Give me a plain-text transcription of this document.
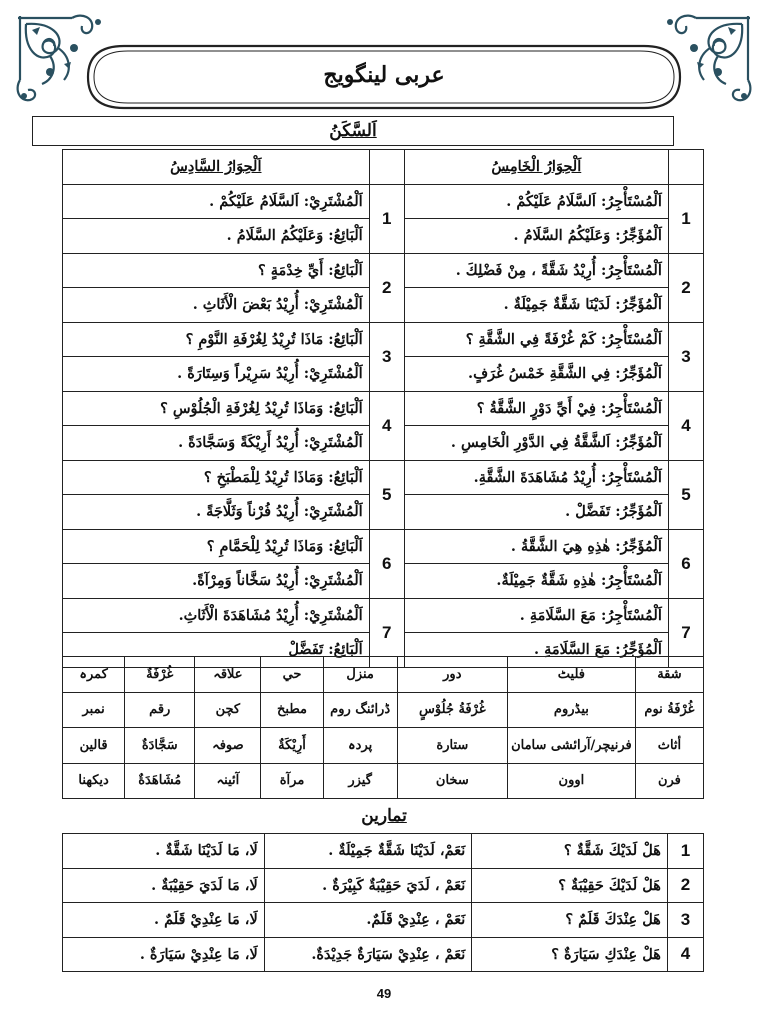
عربی لینگویج
اَلسَّكَنُ
	اَلْحِوَارُ الْخَامِسُ		اَلْحِوَارُ السَّادِسُ
1	اَلْمُسْتَأْجِرُ: اَلسَّلَامُ عَلَيْكُمْ .	1	اَلْمُشْتَرِيْ: اَلسَّلَامُ عَلَيْكُمْ .
	اَلْمُؤَجِّرُ: وَعَلَيْكُمُ السَّلَامُ .		اَلْبَائِعُ: وَعَلَيْكُمُ السَّلَامُ .
2	اَلْمُسْتَأْجِرُ: أُرِيْدُ شَقَّةً ، مِنْ فَضْلِكَ .	2	اَلْبَائِعُ: أَيِّ خِدْمَةٍ ؟
	اَلْمُؤَجِّرُ: لَدَيْنَا شَقَّةٌ جَمِيْلَةٌ .		اَلْمُشْتَرِيْ: أُرِيْدُ بَعْضَ الْأَثَاثِ .
3	اَلْمُسْتَأْجِرُ: كَمْ غُرْفَةً فِي الشَّقَّةِ ؟	3	اَلْبَائِعُ: مَاذَا تُرِيْدُ لِغُرْفَةِ النَّوْمِ ؟
	اَلْمُؤَجِّرُ: فِي الشَّقَّةِ خَمْسُ غُرَفٍ.		اَلْمُشْتَرِيْ: أُرِيْدُ سَرِيْراً وَسِتَارَةً .
4	اَلْمُسْتَأْجِرُ: فِيْ أَيِّ دَوْرٍ الشَّقَّةُ ؟	4	اَلْبَائِعُ: وَمَاذَا تُرِيْدُ لِغُرْفَةِ الْجُلُوْسِ ؟
	اَلْمُؤَجِّرُ: اَلشَّقَّةُ فِي الدَّوْرِ الْخَامِسِ .		اَلْمُشْتَرِيْ: أُرِيْدُ أَرِيْكَةً وَسَجَّادَةً .
5	اَلْمُسْتَأْجِرُ: أُرِيْدُ مُشَاهَدَةَ الشَّقَّةِ.	5	اَلْبَائِعُ: وَمَاذَا تُرِيْدُ لِلْمَطْبَخِ ؟
	اَلْمُؤَجِّرُ: تَفَضَّلْ .		اَلْمُشْتَرِيْ: أُرِيْدُ فُرْناً وَثَلَّاجَةً .
6	اَلْمُؤَجِّرُ: هٰذِهِ هِيَ الشَّقَّةُ .	6	اَلْبَائِعُ: وَمَاذَا تُرِيْدُ لِلْحَمَّامِ ؟
	اَلْمُسْتَأْجِرُ: هٰذِهِ شَقَّةٌ جَمِيْلَةٌ.		اَلْمُشْتَرِيْ: أُرِيْدُ سَخَّاناً وَمِرْآةً.
7	اَلْمُسْتَأْجِرُ: مَعَ السَّلَامَةِ .	7	اَلْمُشْتَرِيْ: أُرِيْدُ مُشَاهَدَةَ الْأَثَاثِ.
	اَلْمُؤَجِّرُ: مَعَ السَّلَامَةِ .		اَلْبَائِعُ: تَفَضَّلْ
شقة	فلیٹ	دور	منزل	حي	علاقہ	غُرْفَةٌ	کمرہ
غُرْفَةُ نوم	بیڈروم	غُرْفَةُ جُلُوْسٍ	ڈرائنگ روم	مطبخ	کچن	رقم	نمبر
أثاث	فرنیچر/آرائشی سامان	ستارة	پردہ	أَرِيْكَةٌ	صوفہ	سَجَّادَةٌ	قالین
فرن	اوون	سخان	گیزر	مرآة	آئینہ	مُشَاهَدَةٌ	دیکھنا
تمارين
1	هَلْ لَدَيْكَ شَقَّةٌ ؟	نَعَمْ، لَدَيْنَا شَقَّةٌ جَمِيْلَةٌ .	لَا، مَا لَدَيْنَا شَقَّةٌ .
2	هَلْ لَدَيْكَ حَقِيْبَةٌ ؟	نَعَمْ ، لَدَيَ حَقِيْبَةٌ كَبِيْرَةٌ .	لَا، مَا لَدَيَ حَقِيْبَةٌ .
3	هَلْ عِنْدَكَ قَلَمٌ ؟	نَعَمْ ، عِنْدِيْ قَلَمٌ.	لَا، مَا عِنْدِيْ قَلَمٌ .
4	هَلْ عِنْدَكِ سَيَارَةٌ ؟	نَعَمْ ، عِنْدِيْ سَيَارَةٌ جَدِيْدَةٌ.	لَا، مَا عِنْدِيْ سَيَارَةٌ .
49
